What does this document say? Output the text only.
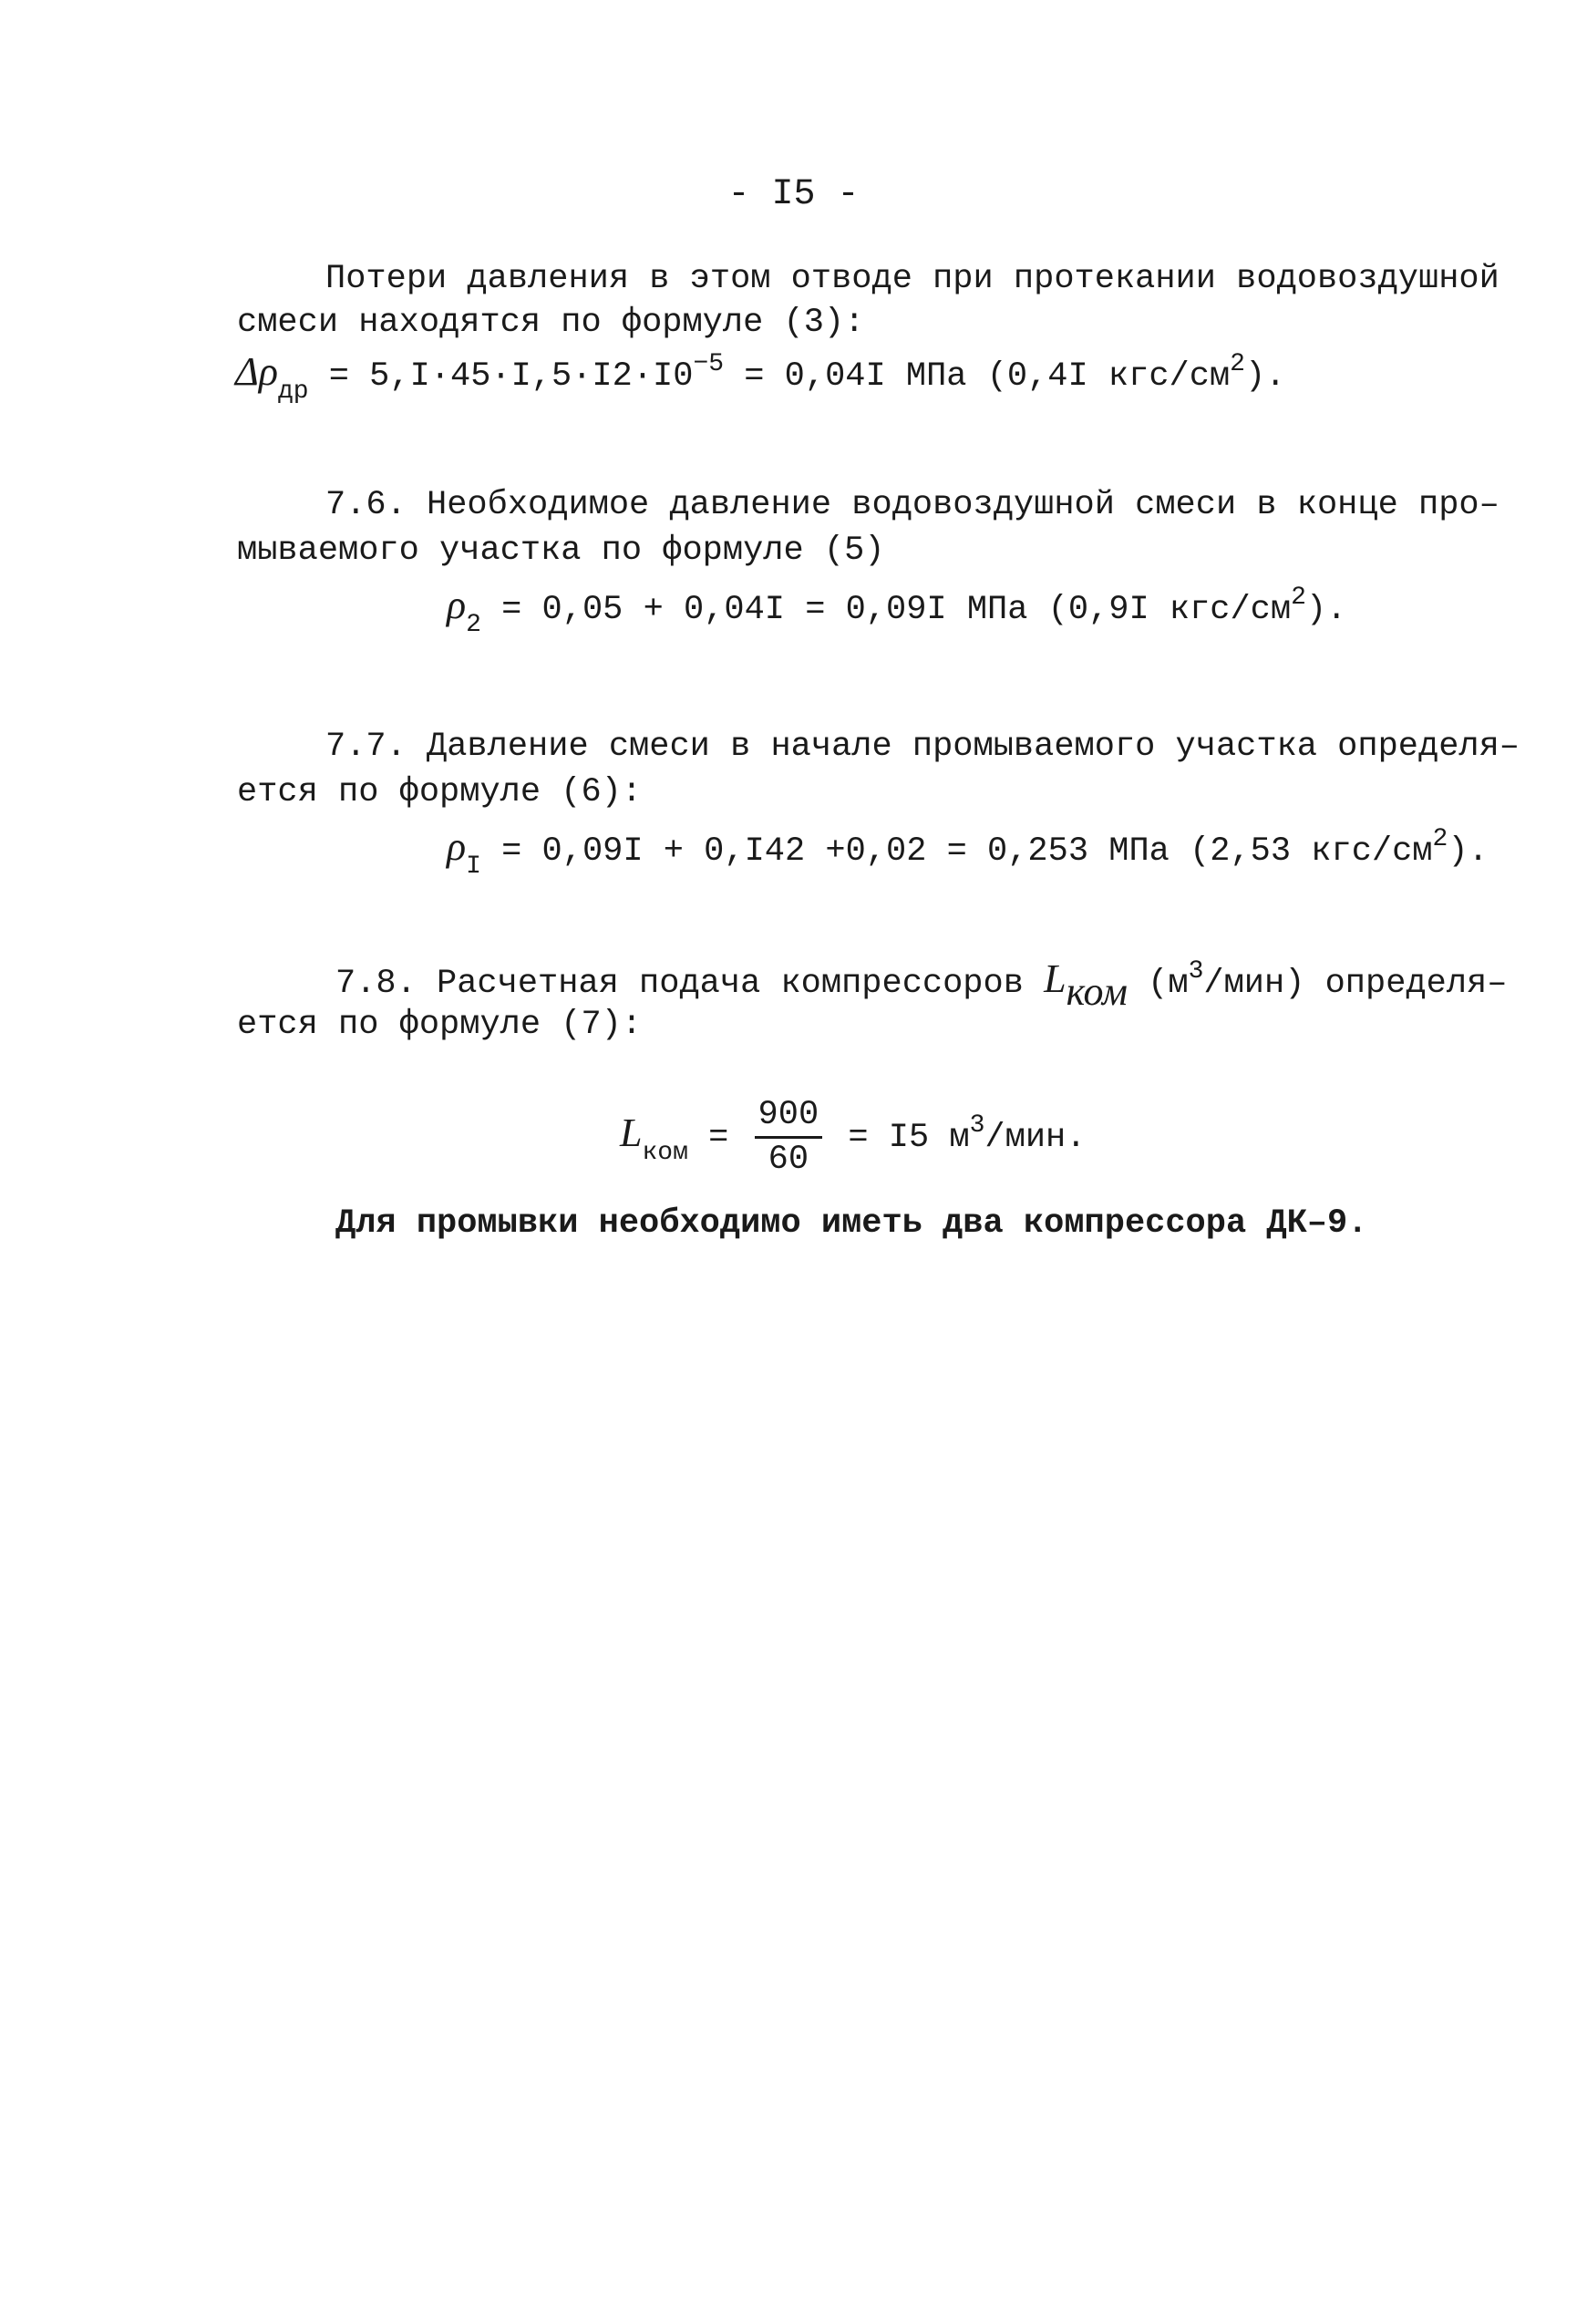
- I5 -
Потери давления в этом отводе при протекании водовоздушной
смеси находятся по формуле (3):
$\Delta\rho_{др} = 5,I\cdot 45\cdot I,5\cdot I2\cdot I0^{-5} = 0,04I$ МПа (0,4I кгс/$см^2$).
7.6. Необходимое давление водовоздушной смеси в конце про–
мываемого участка по формуле (5)
$\rho_2 = 0,05 + 0,04I = 0,09I$ МПа (0,9I кгс/$см^2$).
7.7. Давление смеси в начале промываемого участка определя–
ется по формуле (6):
$\rho_I = 0,09I + 0,I42 +0,02 = 0,253$ МПа (2,53 кгс/$см^2$).
7.8. Расчетная подача компрессоров $L_{ком}$ $(м^3/мин)$ определя–
ется по формуле (7):
$L_{ком} = \frac{900}{60} = I5$ $м^3$/мин.
Для промывки необходимо иметь два компрессора ДК–9.
